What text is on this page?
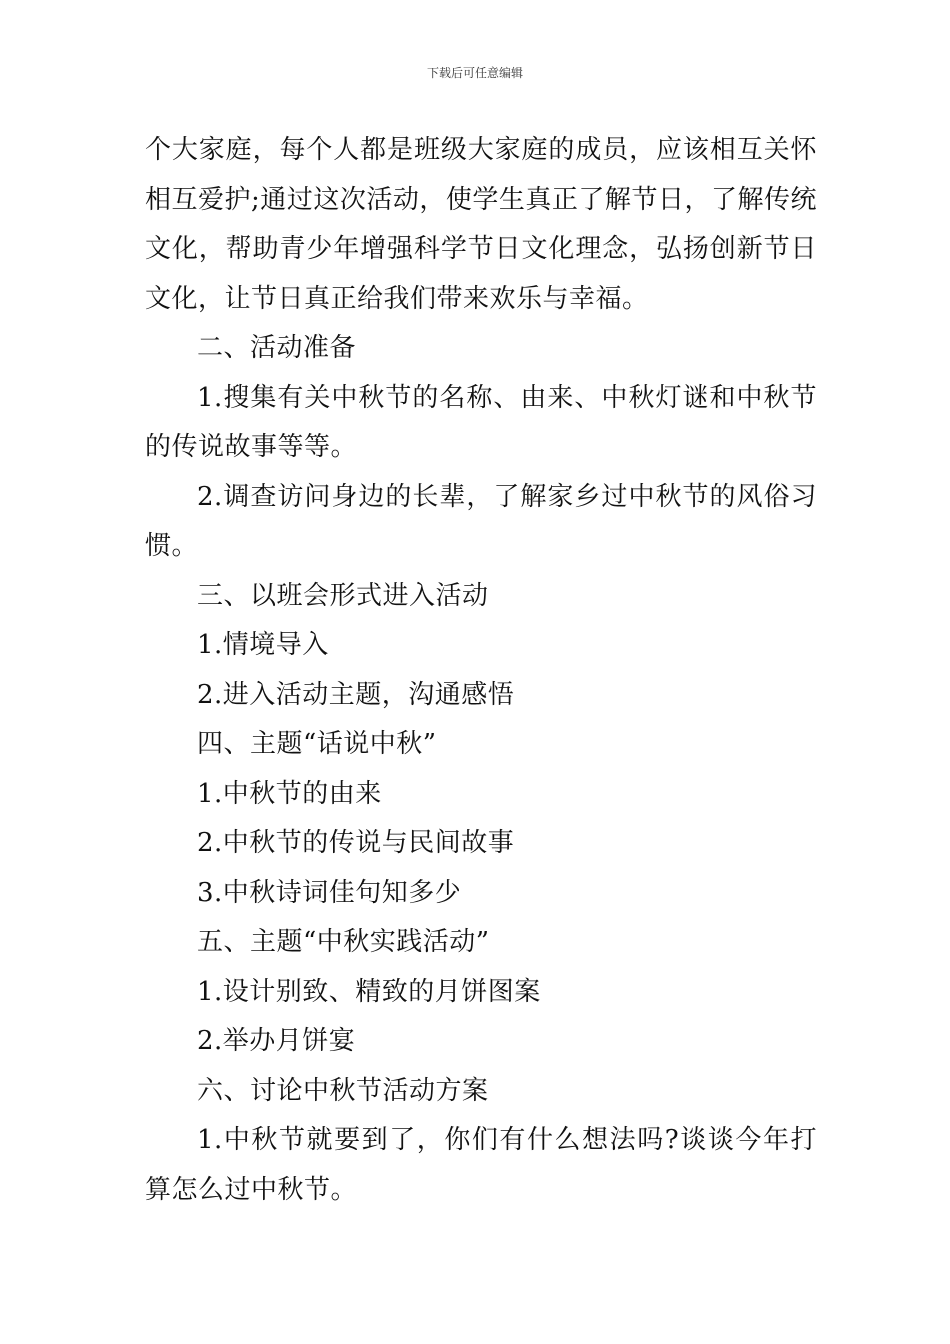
下载后可任意编辑

个大家庭，每个人都是班级大家庭的成员，应该相互关怀相互爱护;通过这次活动，使学生真正了解节日，了解传统文化，帮助青少年增强科学节日文化理念，弘扬创新节日文化，让节日真正给我们带来欢乐与幸福。

二、活动准备

1.搜集有关中秋节的名称、由来、中秋灯谜和中秋节的传说故事等等。

2.调查访问身边的长辈，了解家乡过中秋节的风俗习惯。

三、以班会形式进入活动

1.情境导入

2.进入活动主题，沟通感悟

四、主题“话说中秋”

1.中秋节的由来

2.中秋节的传说与民间故事

3.中秋诗词佳句知多少

五、主题“中秋实践活动”

1.设计别致、精致的月饼图案

2.举办月饼宴

六、讨论中秋节活动方案

1.中秋节就要到了，你们有什么想法吗?谈谈今年打算怎么过中秋节。
